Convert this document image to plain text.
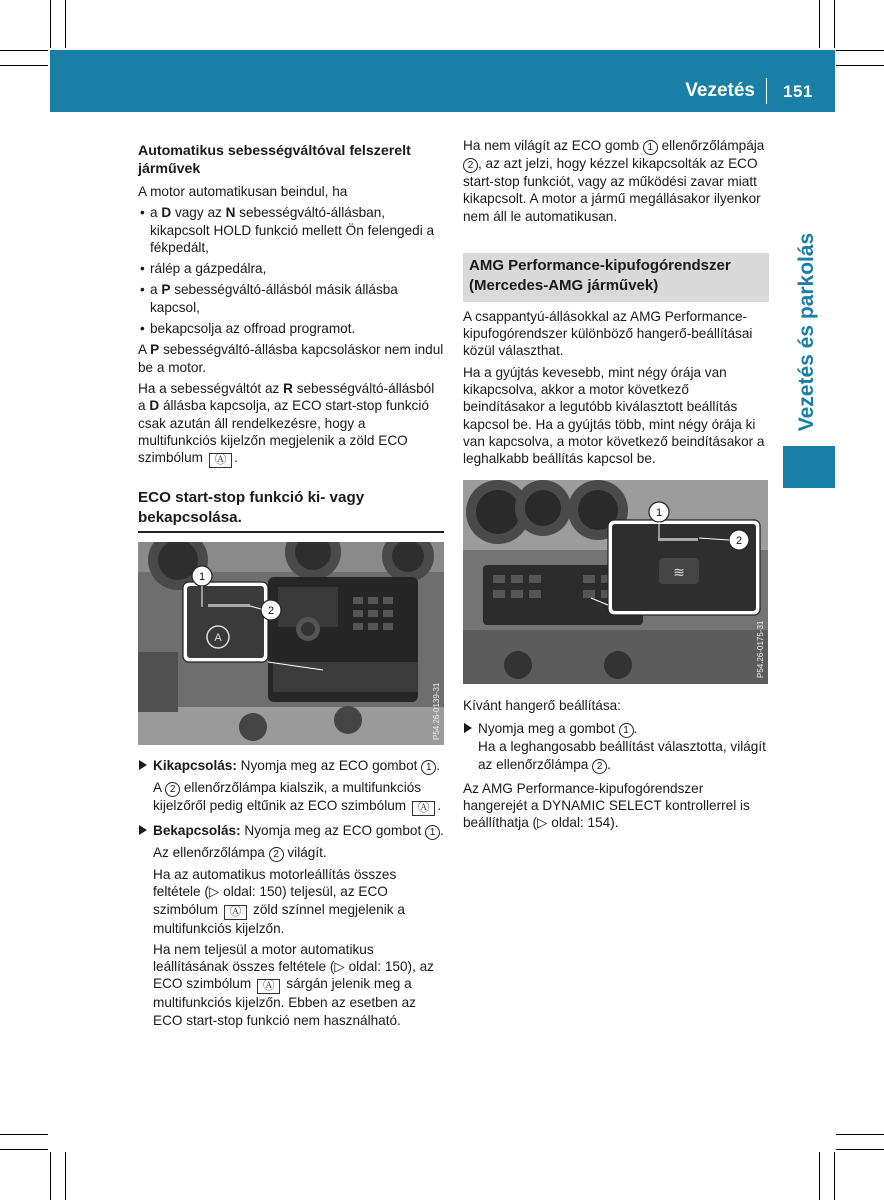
Vezetés 151
Vezetés és parkolás
Automatikus sebességváltóval felszerelt járművek

A motor automatikusan beindul, ha

• a D vagy az N sebességváltó-állásban, kikapcsolt HOLD funkció mellett Ön felengedi a fékpedált,
• rálép a gázpedálra,
• a P sebességváltó-állásból másik állásba kapcsol,
• bekapcsolja az offroad programot.

A P sebességváltó-állásba kapcsoláskor nem indul be a motor.

Ha a sebességváltót az R sebességváltó-állásból a D állásba kapcsolja, az ECO start-stop funkció csak azután áll rendelkezésre, hogy a multifunkciós kijelzőn megjelenik a zöld ECO szimbólum Ⓐ .

ECO start-stop funkció ki- vagy bekapcsolása.
A
1
2
P54.26-0139-31

Kikapcsolás: Nyomja meg az ECO gombot 1 .

A 2 ellenőrzőlámpa kialszik, a multifunkciós kijelzőről pedig eltűnik az ECO szimbólum Ⓐ .

Bekapcsolás: Nyomja meg az ECO gombot 1 .

Az ellenőrzőlámpa 2 világít.

Ha az automatikus motorleállítás összes feltétele (▷ oldal: 150) teljesül, az ECO szimbólum Ⓐ zöld színnel megjelenik a multifunkciós kijelzőn.

Ha nem teljesül a motor automatikus leállításának összes feltétele (▷ oldal: 150), az ECO szimbólum Ⓐ sárgán jelenik meg a multifunkciós kijelzőn. Ebben az esetben az ECO start-stop funkció nem használható.

Ha nem világít az ECO gomb 1 ellenőrzőlámpája 2 , az azt jelzi, hogy kézzel kikapcsolták az ECO start-stop funkciót, vagy az működési zavar miatt kikapcsolt. A motor a jármű megállásakor ilyenkor nem áll le automatikusan.

AMG Performance-kipufogórendszer (Mercedes-AMG járművek)

A csappantyú-állásokkal az AMG Performance-kipufogórendszer különböző hangerő-beállításai közül választhat.

Ha a gyújtás kevesebb, mint négy órája van kikapcsolva, akkor a motor következő beindításakor a legutóbb kiválasztott beállítás kapcsol be. Ha a gyújtás több, mint négy órája ki van kapcsolva, a motor következő beindításakor a leghalkabb beállítás kapcsol be.

≋
1
2
P54.26-0175-31

Kívánt hangerő beállítása:

Nyomja meg a gombot 1 .

Ha a leghangosabb beállítást választotta, világít az ellenőrzőlámpa 2 .

Az AMG Performance-kipufogórendszer hangerejét a DYNAMIC SELECT kontrollerrel is beállíthatja (▷ oldal: 154).
